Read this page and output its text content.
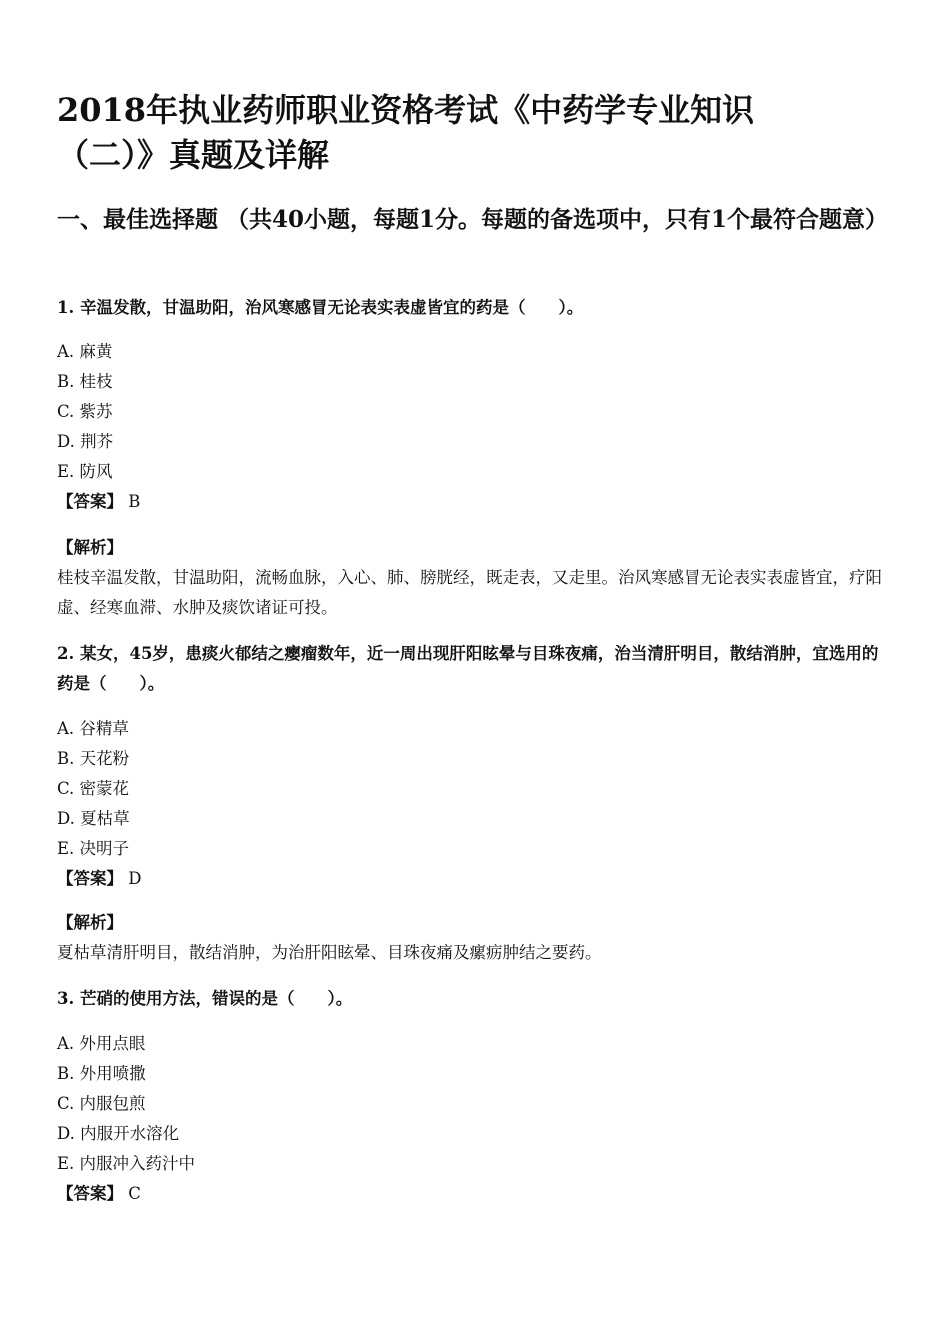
2018年执业药师职业资格考试《中药学专业知识

（二）》真题及详解
一、最佳选择题 （共40小题，每题1分。每题的备选项中，只有1个最符合题意）
1. 辛温发散，甘温助阳，治风寒感冒无论表实表虚皆宜的药是（　　）。
A. 麻黄
B. 桂枝
C. 紫苏
D. 荆芥
E. 防风
【答案】 B
【解析】
桂枝辛温发散，甘温助阳，流畅血脉，入心、肺、膀胱经，既走表，又走里。治风寒感冒无论表实表虚皆宜，疗阳虚、经寒血滞、水肿及痰饮诸证可投。
2. 某女，45岁，患痰火郁结之瘿瘤数年，近一周出现肝阳眩晕与目珠夜痛，治当清肝明目，散结消肿，宜选用的药是（　　）。
A. 谷精草
B. 天花粉
C. 密蒙花
D. 夏枯草
E. 决明子
【答案】 D
【解析】
夏枯草清肝明目，散结消肿，为治肝阳眩晕、目珠夜痛及瘰疬肿结之要药。
3. 芒硝的使用方法，错误的是（　　）。
A. 外用点眼
B. 外用喷撒
C. 内服包煎
D. 内服开水溶化
E. 内服冲入药汁中
【答案】 C
